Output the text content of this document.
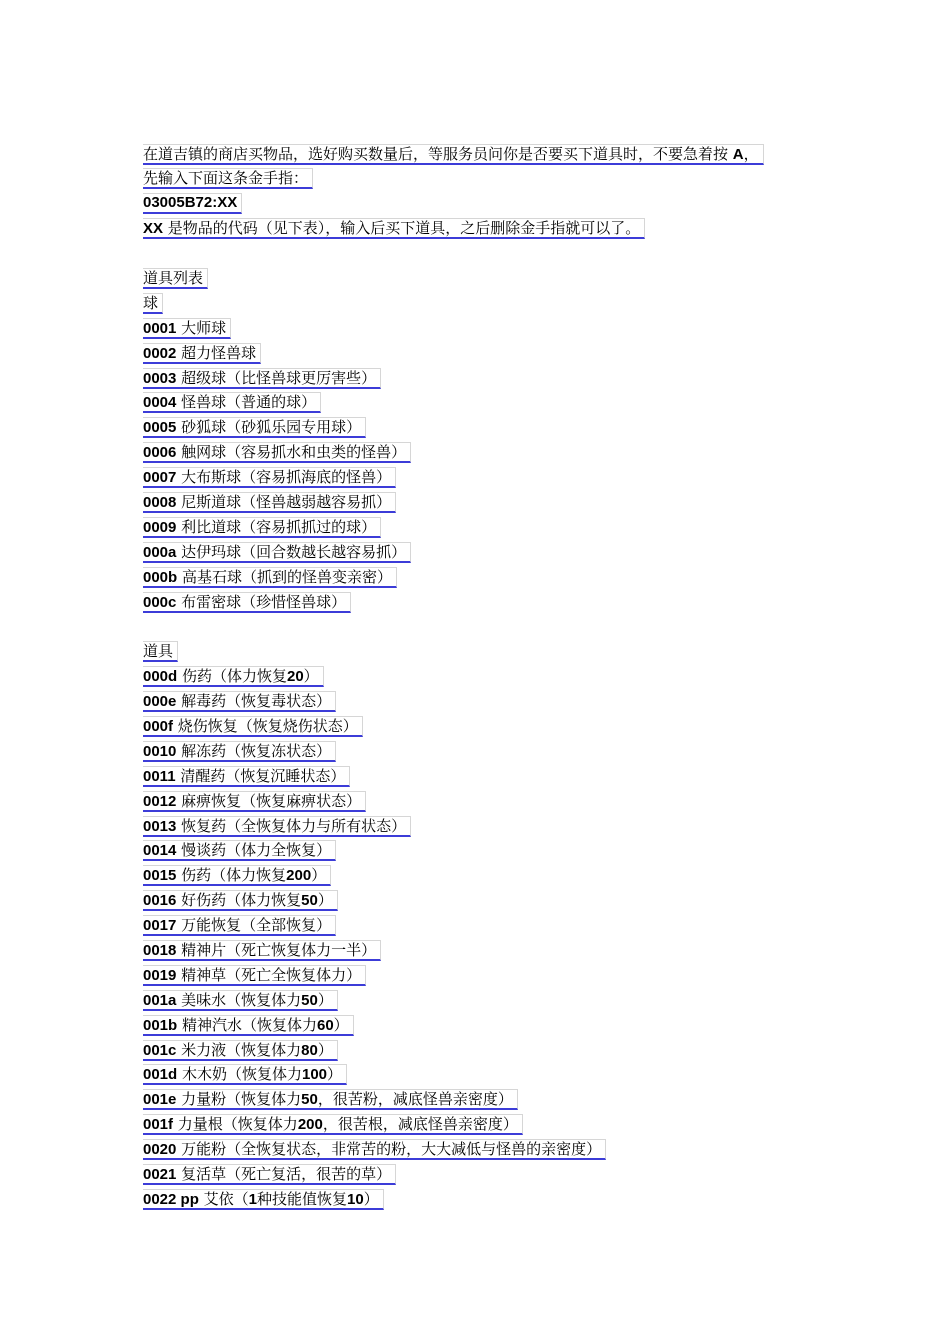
在道吉镇的商店买物品，选好购买数量后，等服务员问你是否要买下道具时，不要急着按 A，
先输入下面这条金手指：
03005B72:XX
XX 是物品的代码（见下表），输入后买下道具，之后删除金手指就可以了。
道具列表
球
0001 大师球
0002 超力怪兽球
0003 超级球（比怪兽球更厉害些）
0004 怪兽球（普通的球）
0005 砂狐球（砂狐乐园专用球）
0006 触网球（容易抓水和虫类的怪兽）
0007 大布斯球（容易抓海底的怪兽）
0008 尼斯道球（怪兽越弱越容易抓）
0009 利比道球（容易抓抓过的球）
000a 达伊玛球（回合数越长越容易抓）
000b 高基石球（抓到的怪兽变亲密）
000c 布雷密球（珍惜怪兽球）
道具
000d 伤药（体力恢复20）
000e 解毒药（恢复毒状态）
000f 烧伤恢复（恢复烧伤状态）
0010 解冻药（恢复冻状态）
0011 清醒药（恢复沉睡状态）
0012 麻痹恢复（恢复麻痹状态）
0013 恢复药（全恢复体力与所有状态）
0014 慢谈药（体力全恢复）
0015 伤药（体力恢复200）
0016 好伤药（体力恢复50）
0017 万能恢复（全部恢复）
0018 精神片（死亡恢复体力一半）
0019 精神草（死亡全恢复体力）
001a 美味水（恢复体力50）
001b 精神汽水（恢复体力60）
001c 米力液（恢复体力80）
001d 木木奶（恢复体力100）
001e 力量粉（恢复体力50，很苦粉，减底怪兽亲密度）
001f 力量根（恢复体力200，很苦根，减底怪兽亲密度）
0020 万能粉（全恢复状态，非常苦的粉，大大减低与怪兽的亲密度）
0021 复活草（死亡复活，很苦的草）
0022 pp 艾依（1种技能值恢复10）
